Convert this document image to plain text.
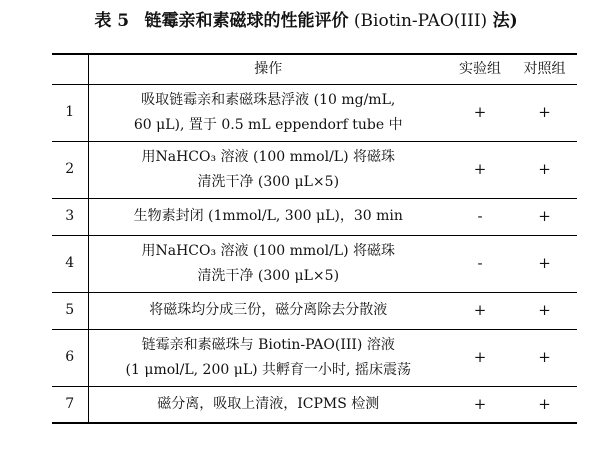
表 5 链霉亲和素磁球的性能评价 (Biotin-PAO(III) 法)
	操作	实验组	对照组
1	吸取链霉亲和素磁珠悬浮液 (10 mg/mL,
60 μL), 置于 0.5 mL eppendorf tube 中	+	+
2	用NaHCO₃ 溶液 (100 mmol/L) 将磁珠
清洗干净 (300 μL×5)	+	+
3	生物素封闭 (1mmol/L, 300 μL)，30 min	-	+
4	用NaHCO₃ 溶液 (100 mmol/L) 将磁珠
清洗干净 (300 μL×5)	-	+
5	将磁珠均分成三份，磁分离除去分散液	+	+
6	链霉亲和素磁珠与 Biotin-PAO(III) 溶液
(1 μmol/L, 200 μL) 共孵育一小时, 摇床震荡	+	+
7	磁分离，吸取上清液，ICPMS 检测	+	+
